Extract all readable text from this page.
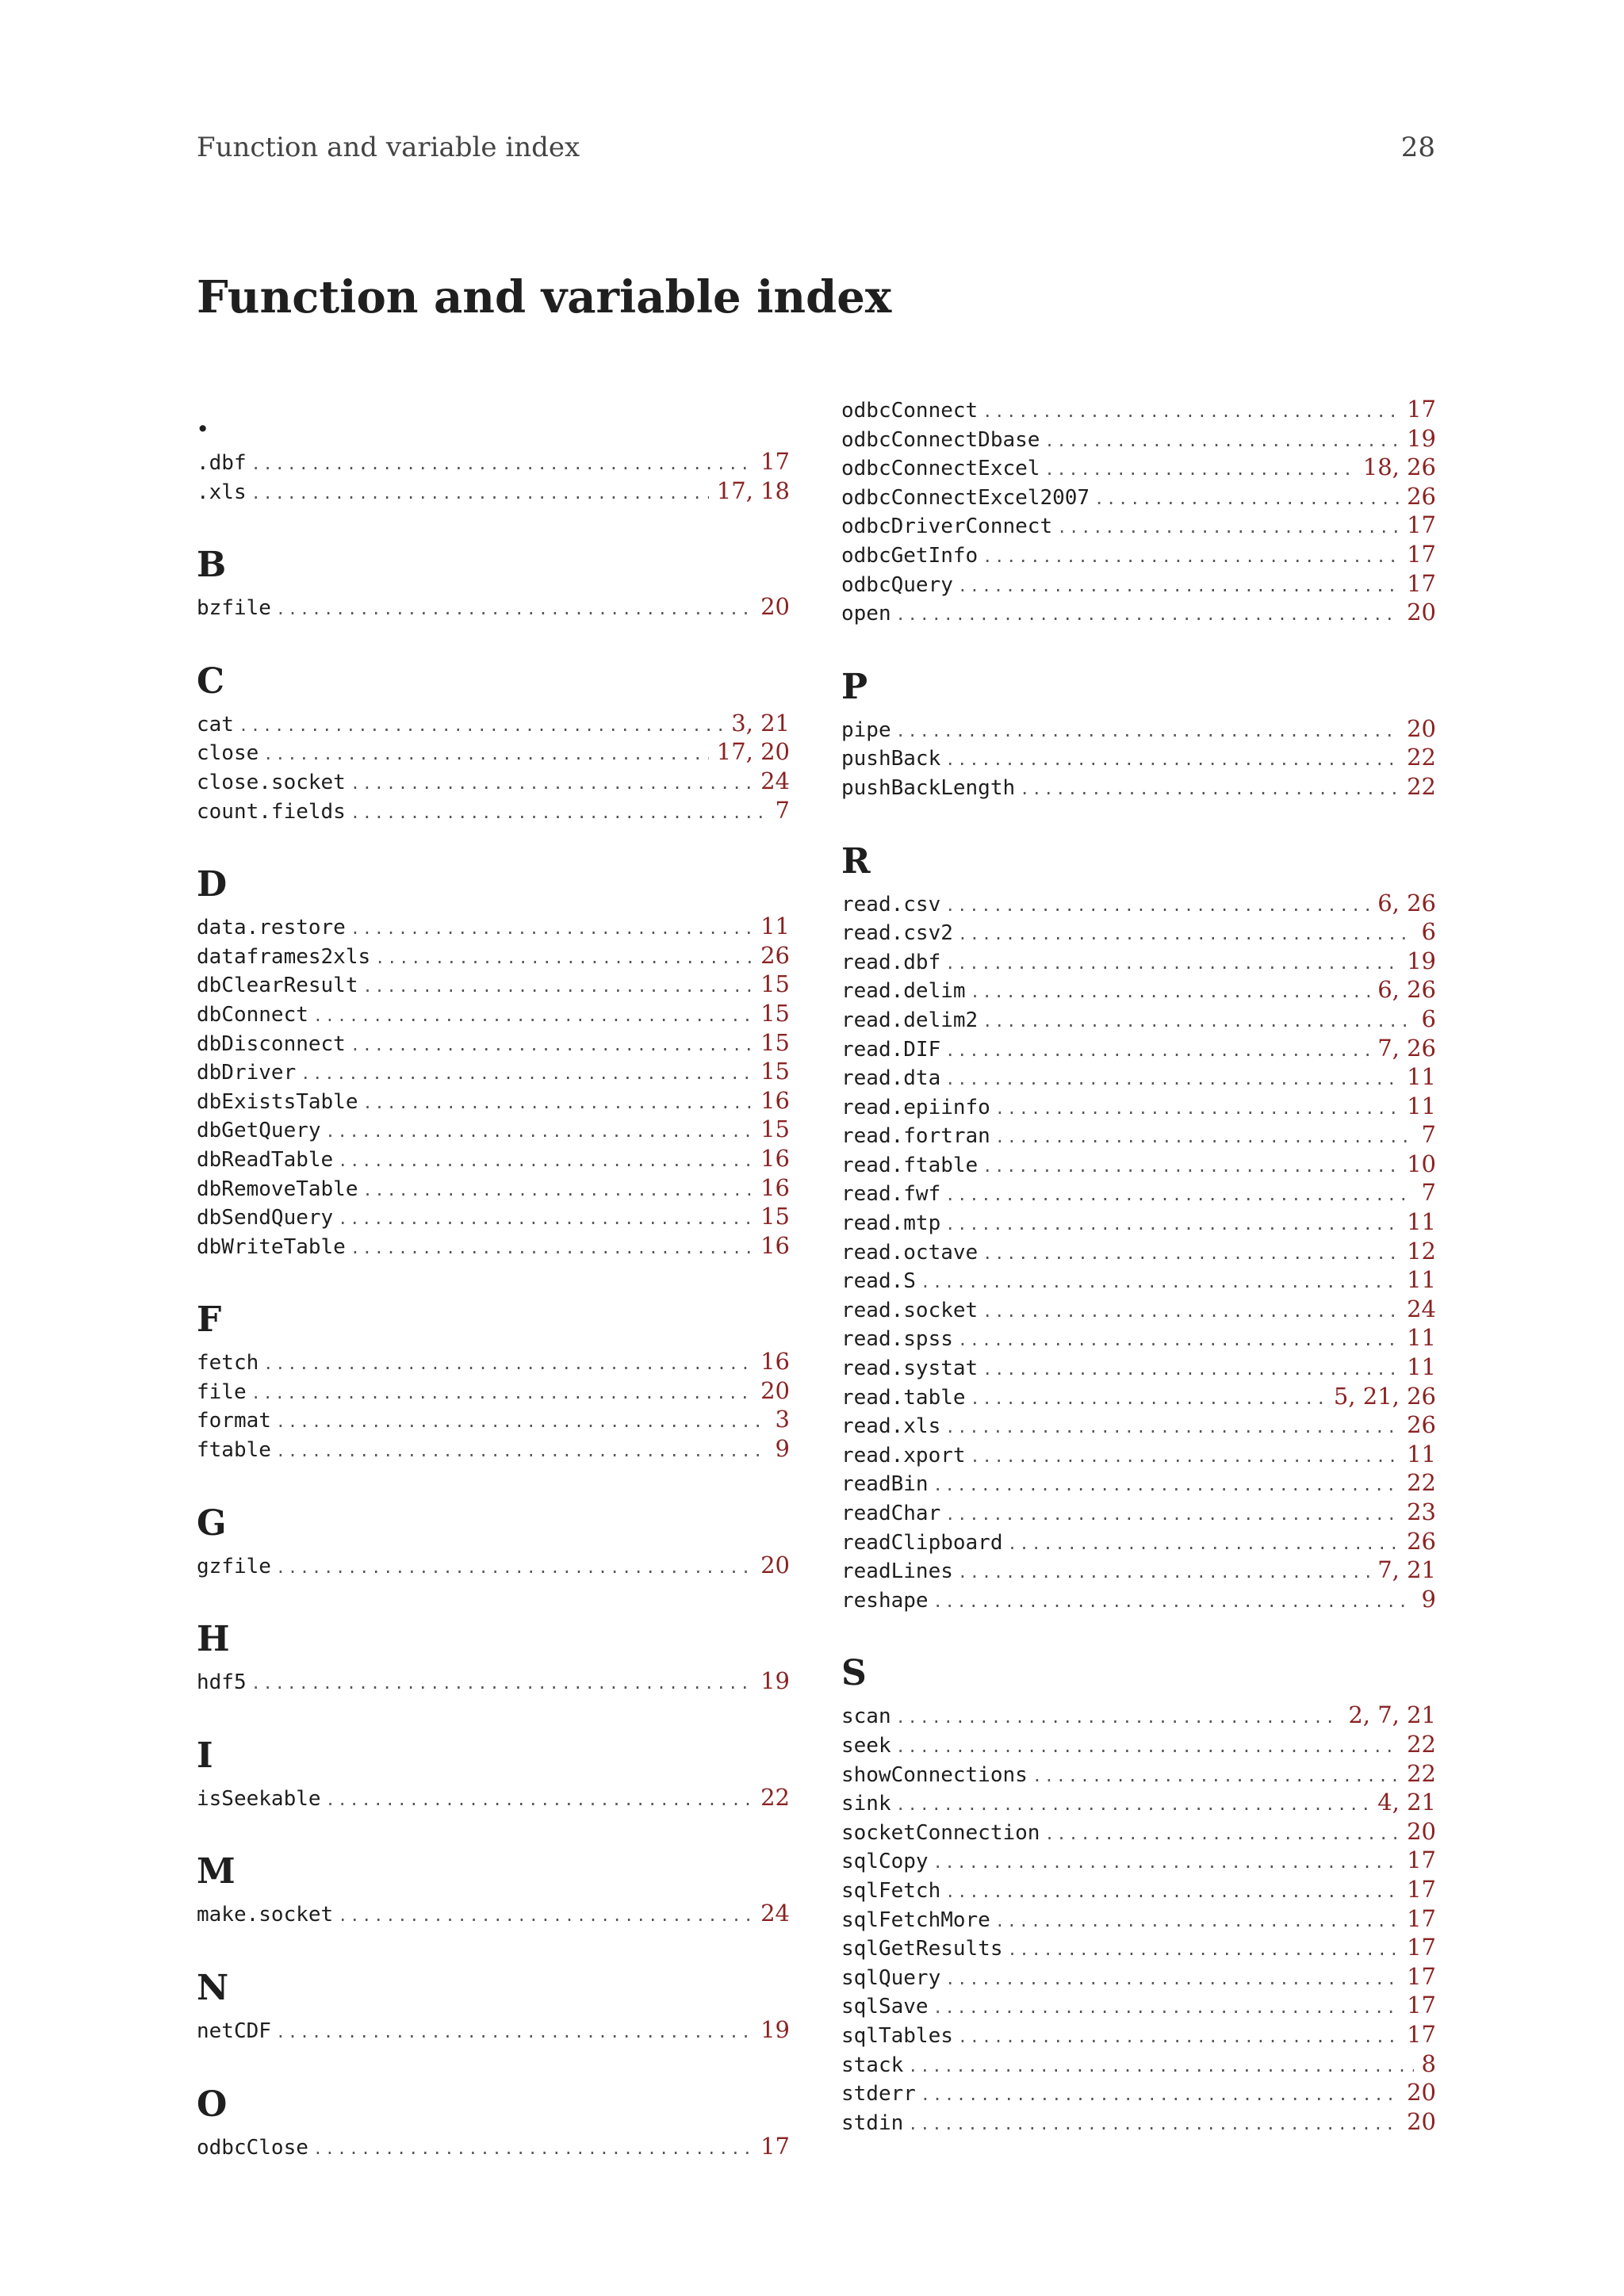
Function and variable index	28
Function and variable index
.
.dbf .....	17
.xls .....	17, 18
B
bzfile .....	20
C
cat .....	3, 21
close .....	17, 20
close.socket .....	24
count.fields .....	7
D
data.restore .....	11
dataframes2xls .....	26
dbClearResult .....	15
dbConnect .....	15
dbDisconnect .....	15
dbDriver .....	15
dbExistsTable .....	16
dbGetQuery .....	15
dbReadTable .....	16
dbRemoveTable .....	16
dbSendQuery .....	15
dbWriteTable .....	16
F
fetch .....	16
file .....	20
format .....	3
ftable .....	9
G
gzfile .....	20
H
hdf5 .....	19
I
isSeekable .....	22
M
make.socket .....	24
N
netCDF .....	19
O
odbcClose .....	17
odbcConnect .....	17
odbcConnectDbase .....	19
odbcConnectExcel .....	18, 26
odbcConnectExcel2007 .....	26
odbcDriverConnect .....	17
odbcGetInfo .....	17
odbcQuery .....	17
open .....	20
P
pipe .....	20
pushBack .....	22
pushBackLength .....	22
R
read.csv .....	6, 26
read.csv2 .....	6
read.dbf .....	19
read.delim .....	6, 26
read.delim2 .....	6
read.DIF .....	7, 26
read.dta .....	11
read.epiinfo .....	11
read.fortran .....	7
read.ftable .....	10
read.fwf .....	7
read.mtp .....	11
read.octave .....	12
read.S .....	11
read.socket .....	24
read.spss .....	11
read.systat .....	11
read.table .....	5, 21, 26
read.xls .....	26
read.xport .....	11
readBin .....	22
readChar .....	23
readClipboard .....	26
readLines .....	7, 21
reshape .....	9
S
scan .....	2, 7, 21
seek .....	22
showConnections .....	22
sink .....	4, 21
socketConnection .....	20
sqlCopy .....	17
sqlFetch .....	17
sqlFetchMore .....	17
sqlGetResults .....	17
sqlQuery .....	17
sqlSave .....	17
sqlTables .....	17
stack .....	8
stderr .....	20
stdin .....	20
